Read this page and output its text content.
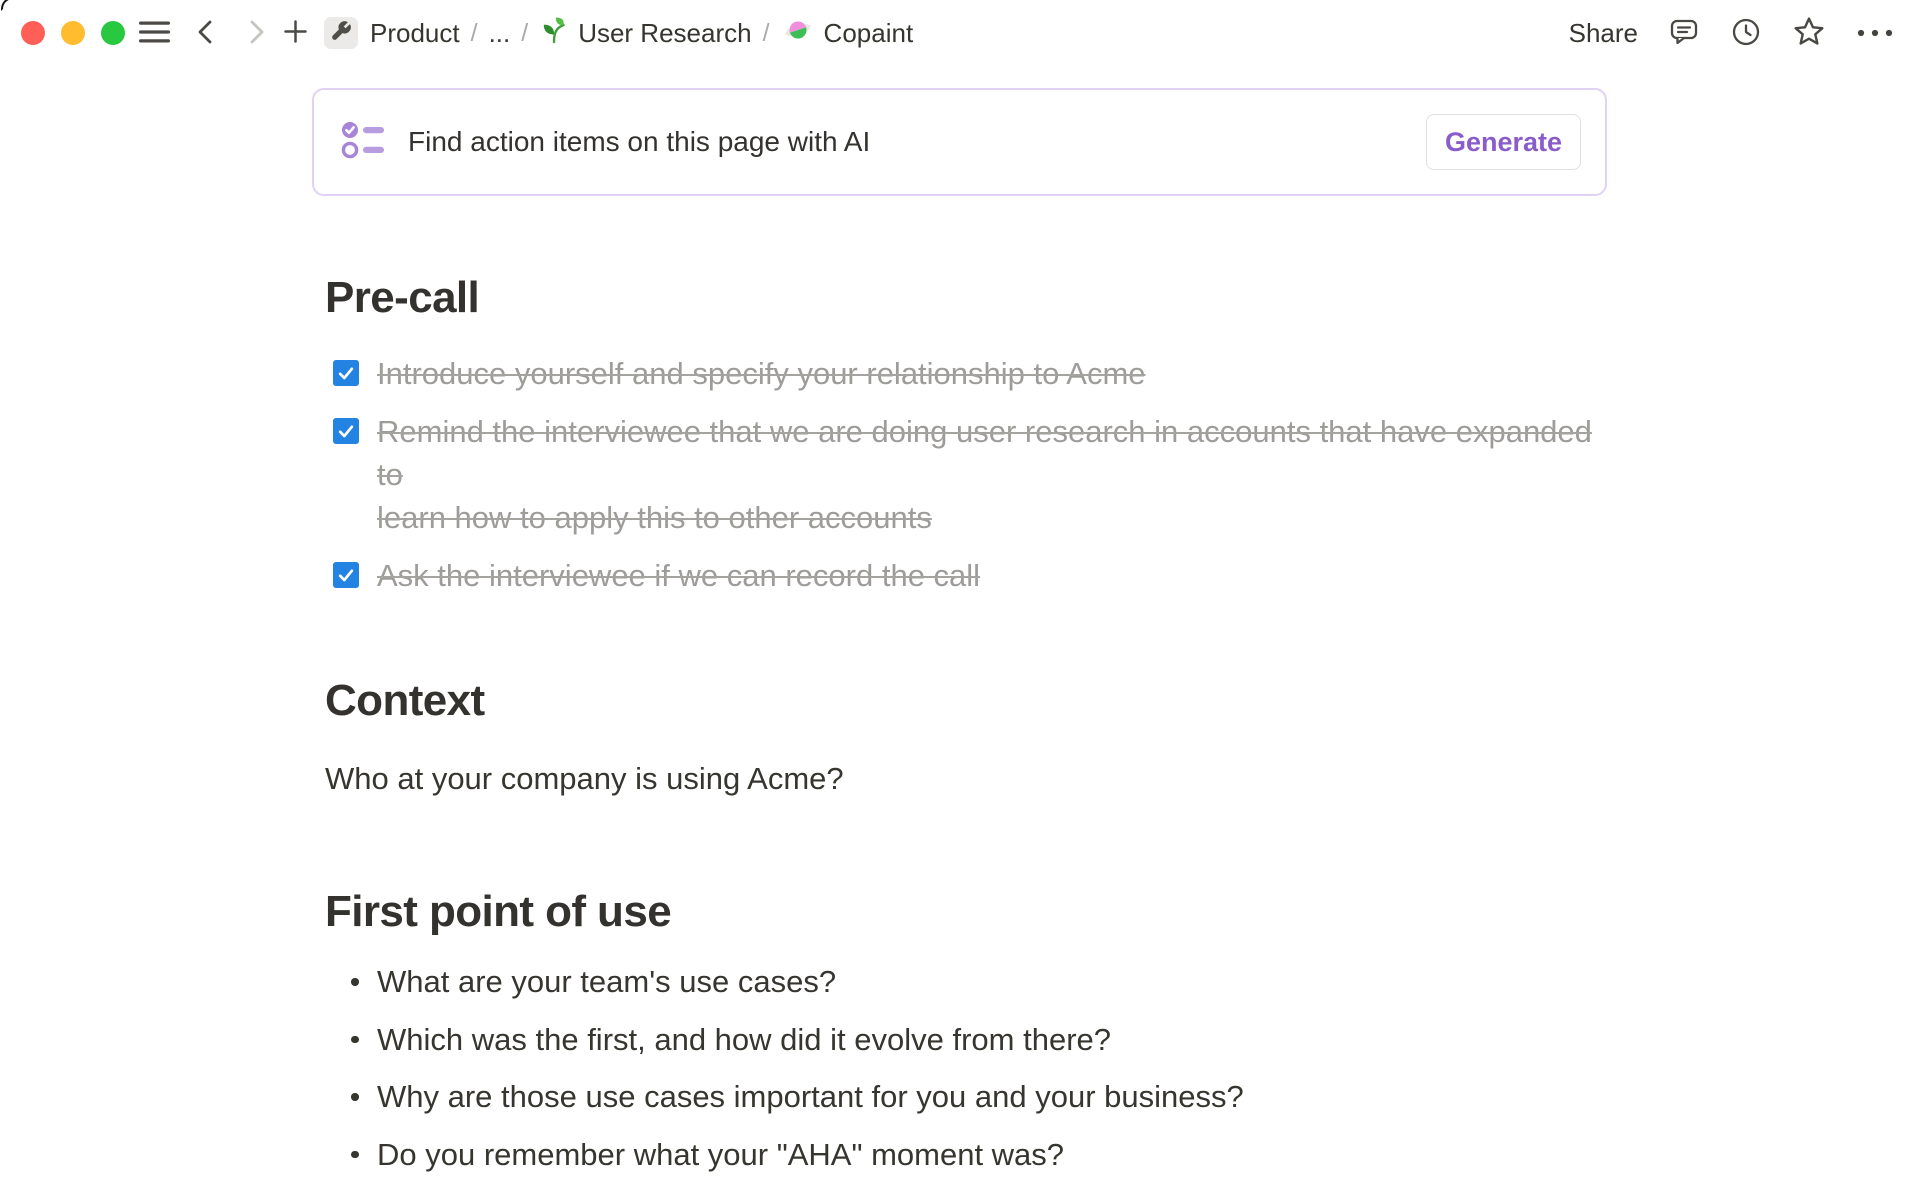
Product / ... / User Research / Copaint	Share
Find action items on this page with AI	Generate
Pre-call
Introduce yourself and specify your relationship to Acme
Remind the interviewee that we are doing user research in accounts that have expanded to
learn how to apply this to other accounts
Ask the interviewee if we can record the call
Context

Who at your company is using Acme?

First point of use
What are your team's use cases?
Which was the first, and how did it evolve from there?
Why are those use cases important for you and your business?
Do you remember what your "AHA" moment was?
